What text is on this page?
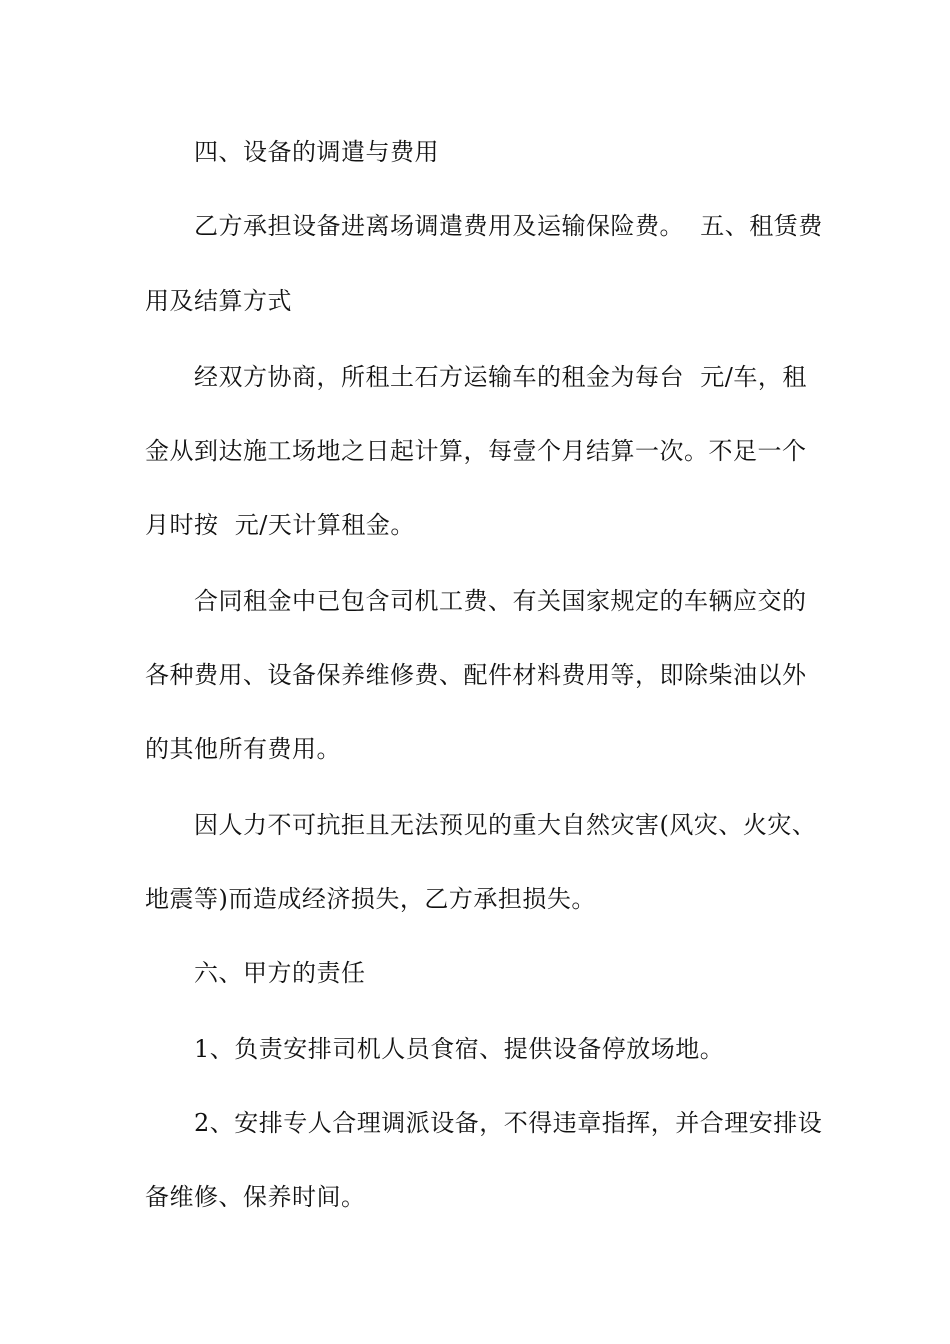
四、设备的调遣与费用
乙方承担设备进离场调遣费用及运输保险费。  五、租赁费
用及结算方式
经双方协商，所租土石方运输车的租金为每台  元/车，租
金从到达施工场地之日起计算，每壹个月结算一次。不足一个
月时按  元/天计算租金。
合同租金中已包含司机工费、有关国家规定的车辆应交的
各种费用、设备保养维修费、配件材料费用等，即除柴油以外
的其他所有费用。
因人力不可抗拒且无法预见的重大自然灾害(风灾、火灾、
地震等)而造成经济损失，乙方承担损失。
六、甲方的责任
1、负责安排司机人员食宿、提供设备停放场地。
2、安排专人合理调派设备，不得违章指挥，并合理安排设
备维修、保养时间。
